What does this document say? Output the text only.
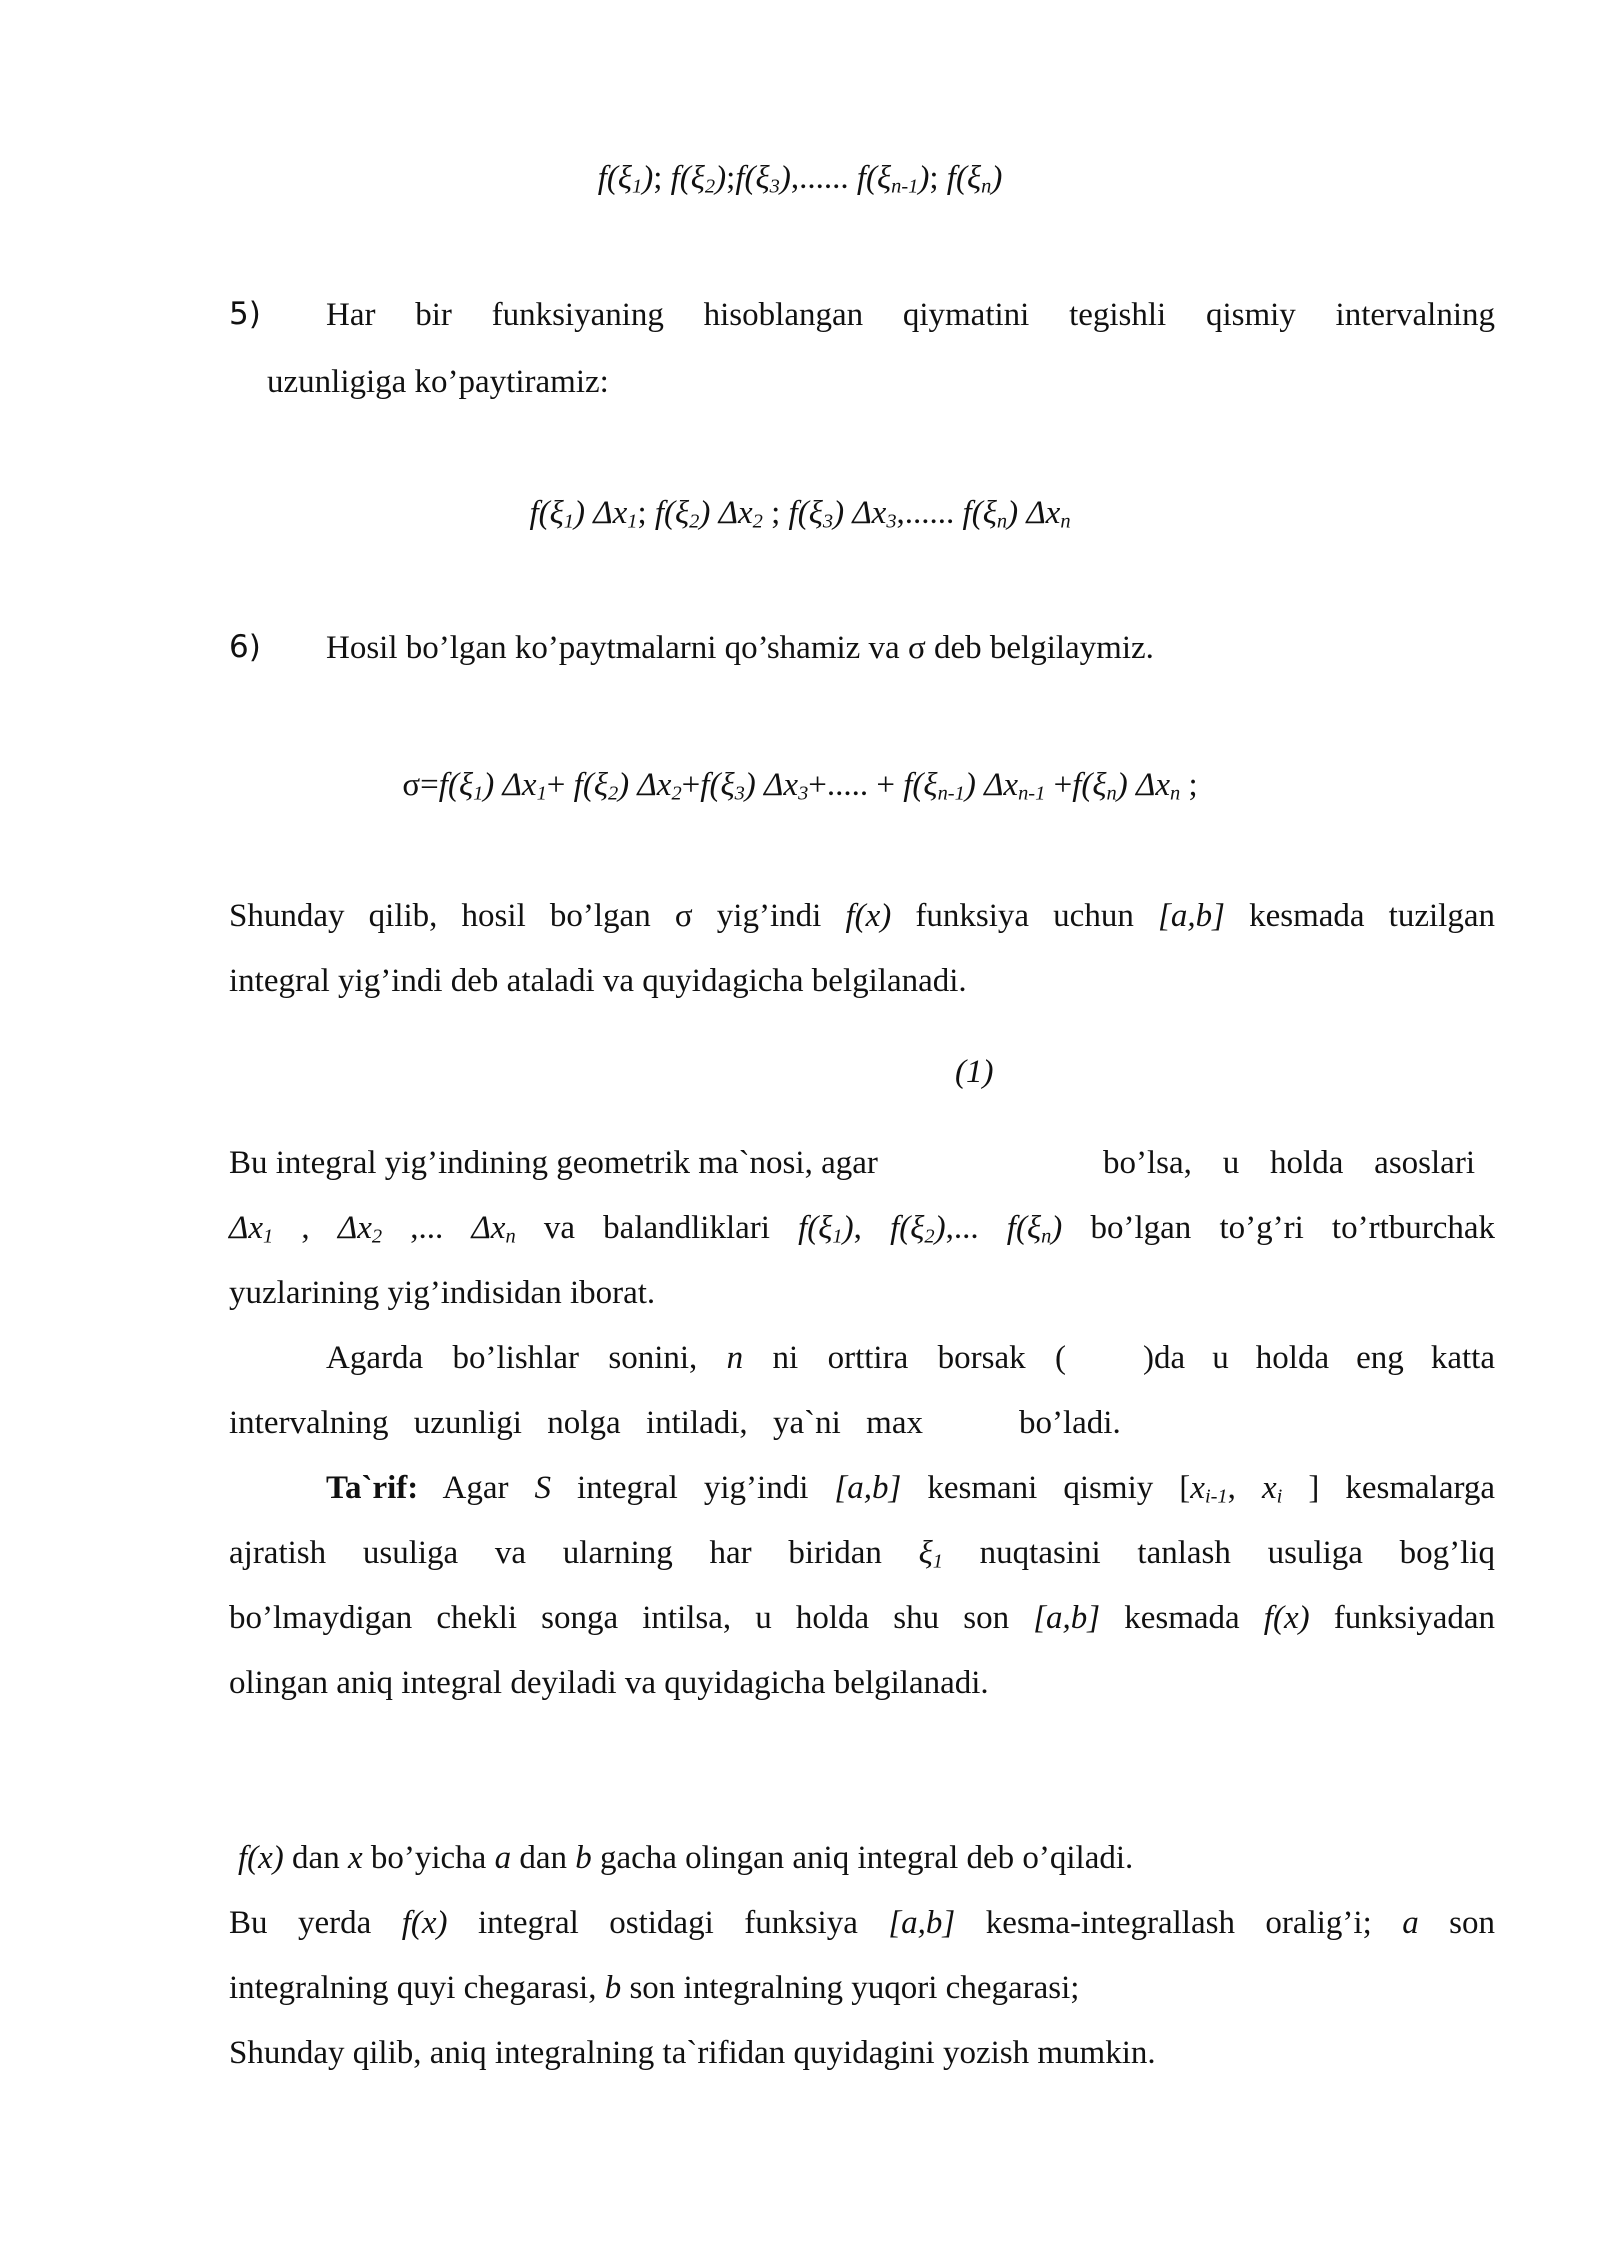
$f(\xi_1)$; $f(\xi_2);f(\xi_3)$,...... $f(\xi_{n-1})$; $f(\xi_n)$
5) Har bir funksiyaning hisoblangan qiymatini tegishli qismiy intervalning
uzunligiga ko’paytiramiz:
$f(\xi_1)$ $\Delta x_1$; $f(\xi_2)$ $\Delta x_2$ ; $f(\xi_3)$ $\Delta x_3$,...... $f(\xi_n)$ $\Delta x_n$
6) Hosil bo’lgan ko’paytmalarni qo’shamiz va σ deb belgilaymiz.
$\sigma=f(\xi_1)$ $\Delta x_1+ f(\xi_2)$ $\Delta x_2+f(\xi_3) \Delta x_3+$..... + $f(\xi_{n-1})$ $\Delta x_{n-1} +f(\xi_n)$ $\Delta x_n$ ;
Shunday qilib, hosil bo’lgan σ yig’indi f(x) funksiya uchun [a,b] kesmada tuzilgan
integral yig’indi deb ataladi va quyidagicha belgilanadi.
(1)
Bu integral yig’indining geometrik ma`nosi, agar	bo’lsa, u holda asoslari
$\Delta x_1$ , $\Delta x_2$ ,... $\Delta x_n$ va balandliklari $f(\xi_1)$, $f(\xi_2)$,... $f(\xi_n)$ bo’lgan to’g’ri to’rtburchak
yuzlarining yig’indisidan iborat.
Agarda bo’lishlar sonini, n ni orttira borsak ( )da u holda eng katta
intervalning uzunligi nolga intiladi, ya`ni max	bo’ladi.
Ta`rif: Agar S integral yig’indi [a,b] kesmani qismiy [$x_{i-1}$, $x_i$ ] kesmalarga
ajratish usuliga va ularning har biridan $\xi_1$ nuqtasini tanlash usuliga bog’liq
bo’lmaydigan chekli songa intilsa, u holda shu son [a,b] kesmada f(x) funksiyadan
olingan aniq integral deyiladi va quyidagicha belgilanadi.
f(x) dan x bo’yicha a dan b gacha olingan aniq integral deb o’qiladi.
Bu yerda f(x) integral ostidagi funksiya [a,b] kesma-integrallash oralig’i; a son
integralning quyi chegarasi, b son integralning yuqori chegarasi;
Shunday qilib, aniq integralning ta`rifidan quyidagini yozish mumkin.
